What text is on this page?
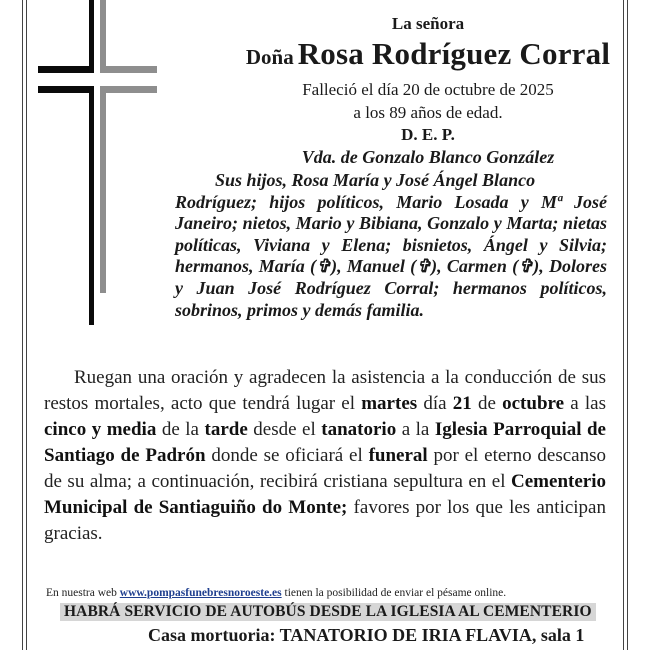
La señora
Doña Rosa Rodríguez Corral
Falleció el día 20 de octubre de 2025
a los 89 años de edad.
D. E. P.
Vda. de Gonzalo Blanco González
Sus hijos, Rosa María y José Ángel Blanco
Rodríguez; hijos políticos, Mario Losada y Mª José Janeiro; nietos, Mario y Bibiana, Gonzalo y Marta; nietas políticas, Viviana y Elena; bisnietos, Ángel y Silvia; hermanos, María (✞), Manuel (✞), Carmen (✞), Dolores y Juan José Rodríguez Corral; hermanos políticos, sobrinos, primos y demás familia.
Ruegan una oración y agradecen la asistencia a la conducción de sus restos mortales, acto que tendrá lugar el martes día 21 de octubre a las cinco y media de la tarde desde el tanatorio a la Iglesia Parroquial de Santiago de Padrón donde se oficiará el funeral por el eterno descanso de su alma; a continuación, recibirá cristiana sepultura en el Cementerio Municipal de Santiaguiño do Monte; favores por los que les anticipan gracias.
En nuestra web www.pompasfunebresnoroeste.es tienen la posibilidad de enviar el pésame online.
HABRÁ SERVICIO DE AUTOBÚS DESDE LA IGLESIA AL CEMENTERIO
Casa mortuoria: TANATORIO DE IRIA FLAVIA, sala 1
